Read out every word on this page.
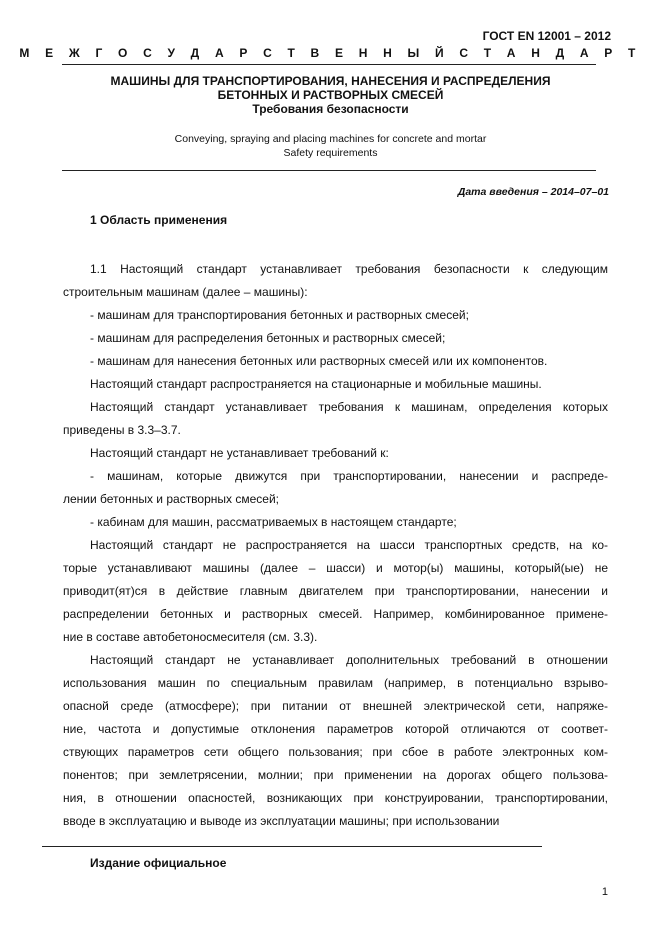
ГОСТ EN 12001 – 2012
М Е Ж Г О С У Д А Р С Т В Е Н Н Ы Й С Т А Н Д А Р Т
МАШИНЫ ДЛЯ ТРАНСПОРТИРОВАНИЯ, НАНЕСЕНИЯ И РАСПРЕДЕЛЕНИЯ
БЕТОННЫХ И РАСТВОРНЫХ СМЕСЕЙ
Требования безопасности
Conveying, spraying and placing machines for concrete and mortar
Safety requirements
Дата введения – 2014–07–01
1 Область применения
1.1 Настоящий стандарт устанавливает требования безопасности к следующим
строительным машинам (далее – машины):
- машинам для транспортирования бетонных и растворных смесей;
- машинам для распределения бетонных и растворных смесей;
- машинам для нанесения бетонных или растворных смесей или их компонентов.
Настоящий стандарт распространяется на стационарные и мобильные машины.
Настоящий стандарт устанавливает требования к машинам, определения которых
приведены в 3.3–3.7.
Настоящий стандарт не устанавливает требований к:
- машинам, которые движутся при транспортировании, нанесении и распреде-
лении бетонных и растворных смесей;
- кабинам для машин, рассматриваемых в настоящем стандарте;
Настоящий стандарт не распространяется на шасси транспортных средств, на ко-
торые устанавливают машины (далее – шасси) и мотор(ы) машины, который(ые) не
приводит(ят)ся в действие главным двигателем при транспортировании, нанесении и
распределении бетонных и растворных смесей. Например, комбинированное примене-
ние в составе автобетоносмесителя (см. 3.3).
Настоящий стандарт не устанавливает дополнительных требований в отношении
использования машин по специальным правилам (например, в потенциально взрыво-
опасной среде (атмосфере); при питании от внешней электрической сети, напряже-
ние, частота и допустимые отклонения параметров которой отличаются от соответ-
ствующих параметров сети общего пользования; при сбое в работе электронных ком-
понентов; при землетрясении, молнии; при применении на дорогах общего пользова-
ния, в отношении опасностей, возникающих при конструировании, транспортировании,
вводе в эксплуатацию и выводе из эксплуатации машины; при использовании
Издание официальное
1
